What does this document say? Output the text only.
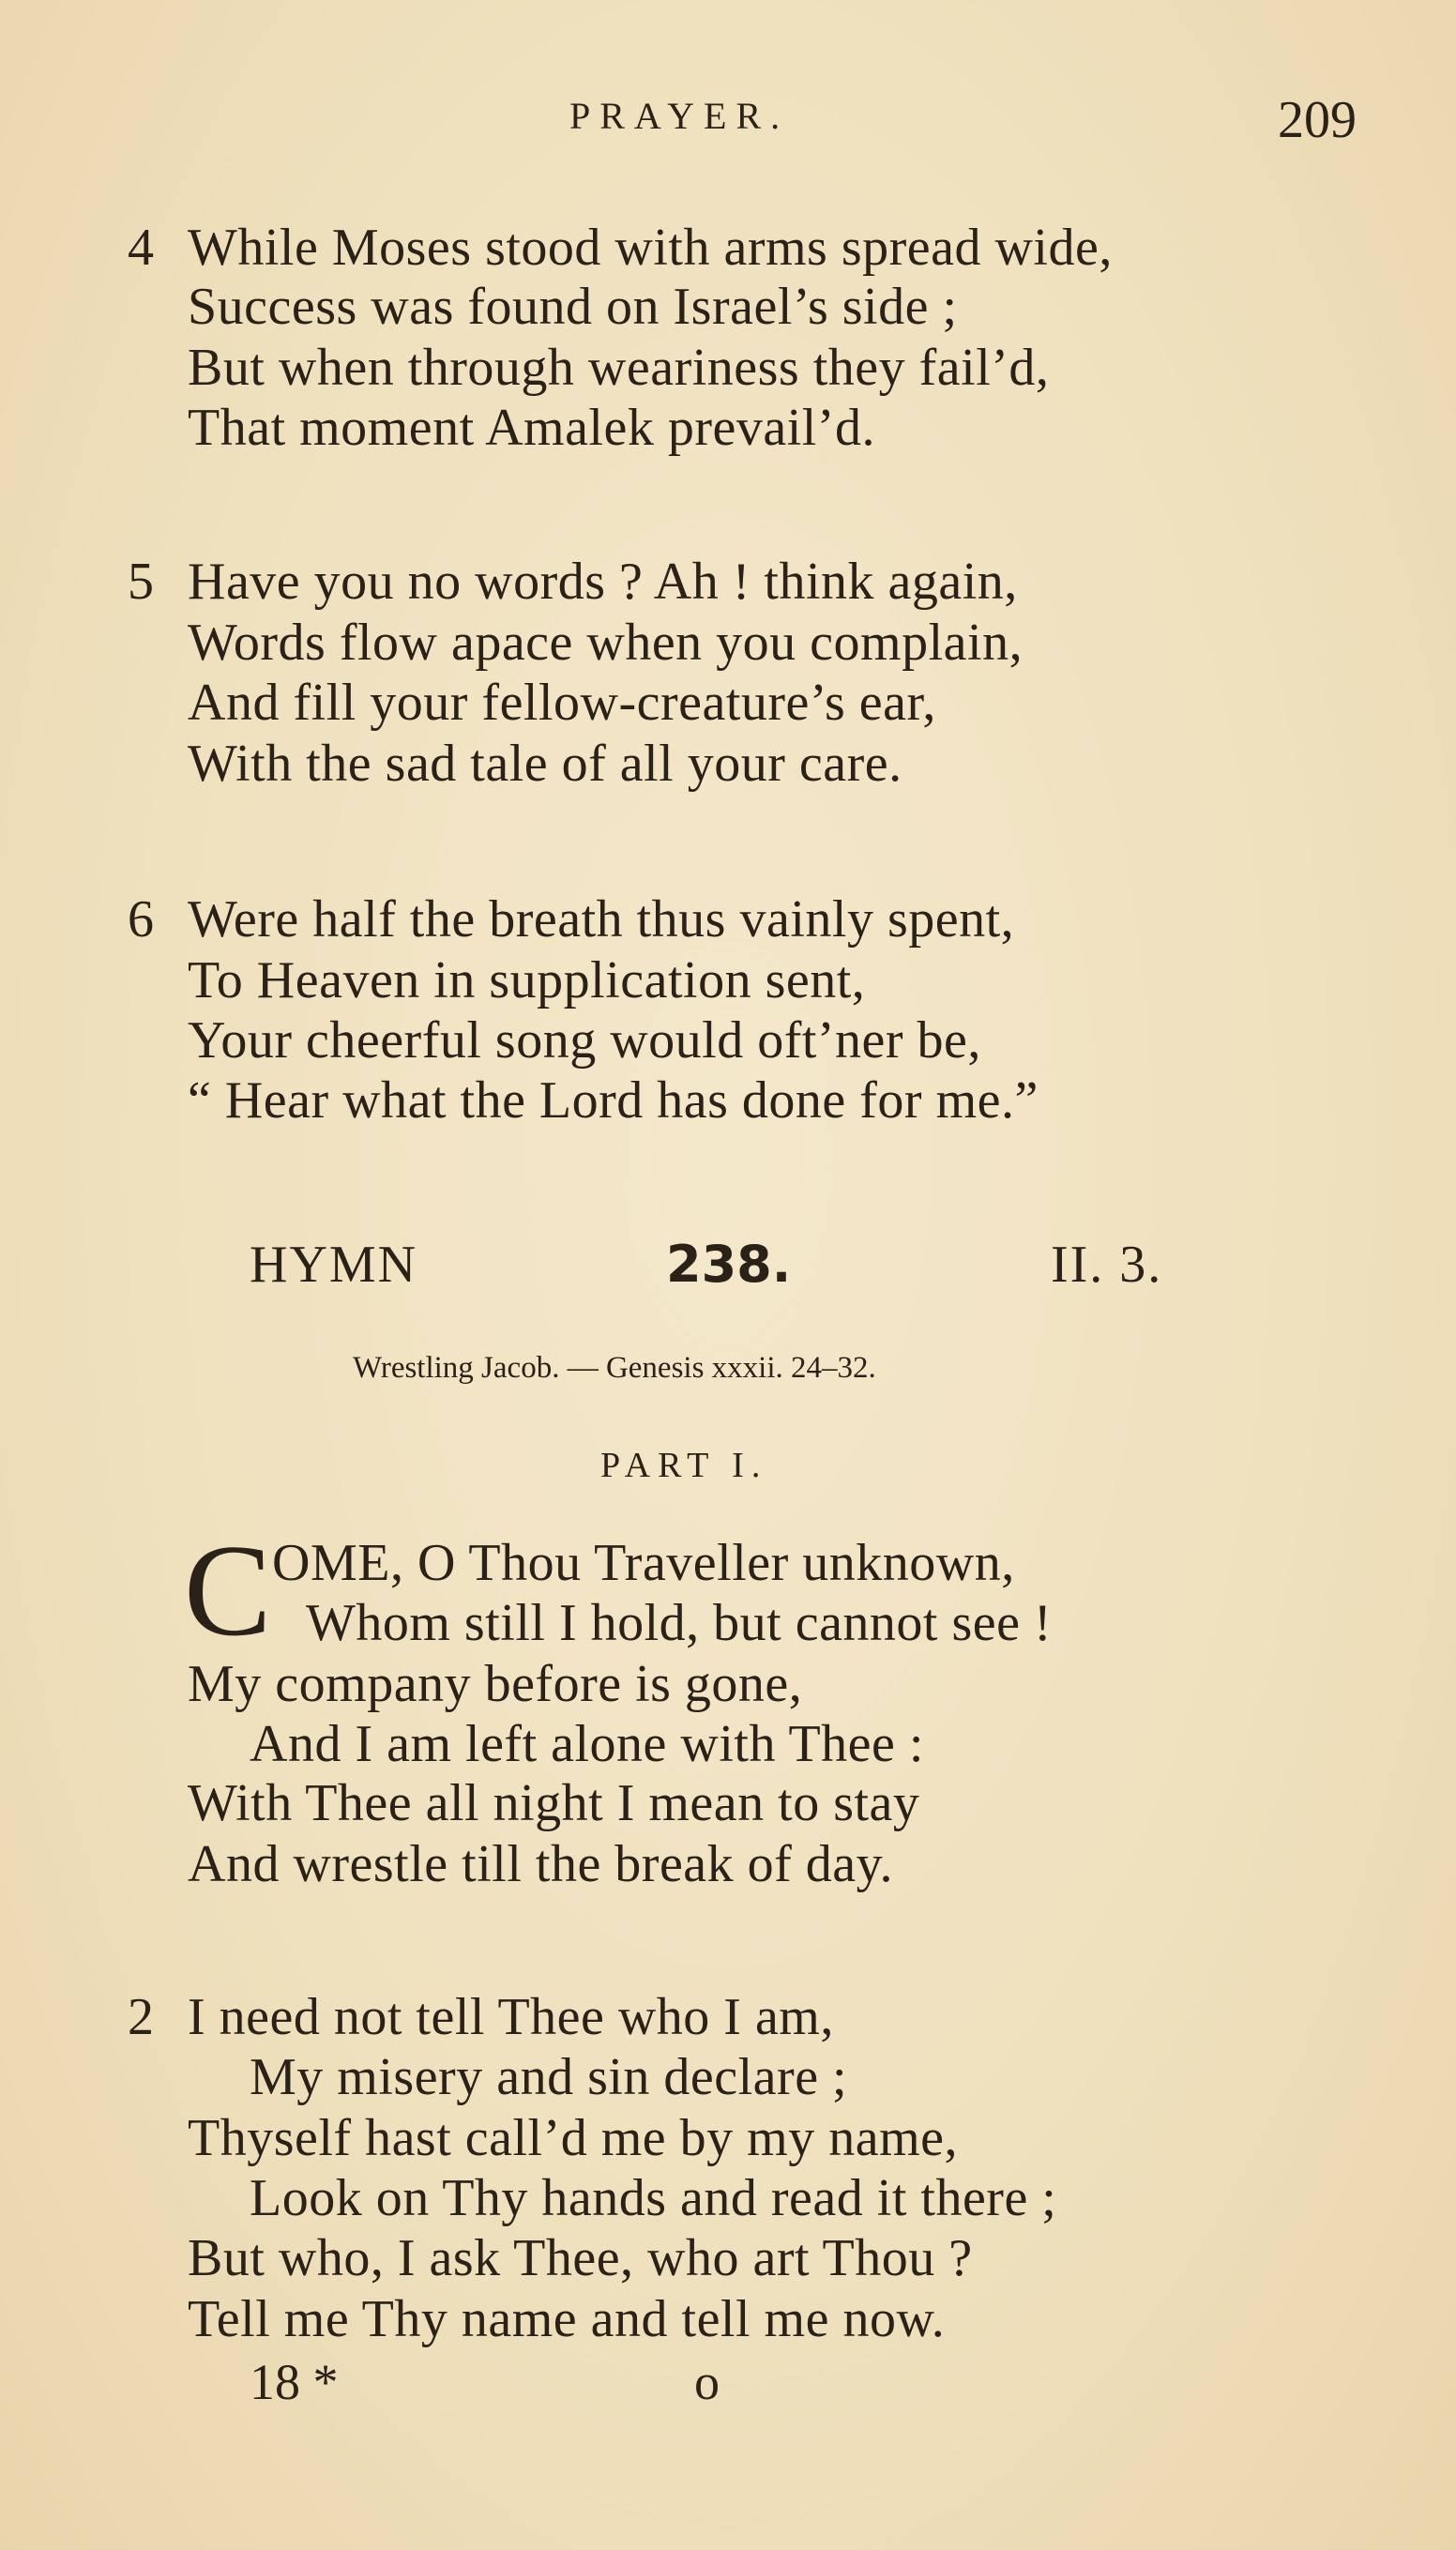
PRAYER.	209
4 While Moses stood with arms spread wide,
Success was found on Israel’s side ;
But when through weariness they fail’d,
That moment Amalek prevail’d.
5 Have you no words ? Ah ! think again,
Words flow apace when you complain,
And fill your fellow-creature’s ear,
With the sad tale of all your care.
6 Were half the breath thus vainly spent,
To Heaven in supplication sent,
Your cheerful song would oft’ner be,
“ Hear what the Lord has done for me.”
HYMN	238.	II. 3.
Wrestling Jacob. — Genesis xxxii. 24–32.
PART I.
C OME, O Thou Traveller unknown,
Whom still I hold, but cannot see !
My company before is gone,
And I am left alone with Thee :
With Thee all night I mean to stay
And wrestle till the break of day.
2 I need not tell Thee who I am,
My misery and sin declare ;
Thyself hast call’d me by my name,
Look on Thy hands and read it there ;
But who, I ask Thee, who art Thou ?
Tell me Thy name and tell me now.
18 *	o
